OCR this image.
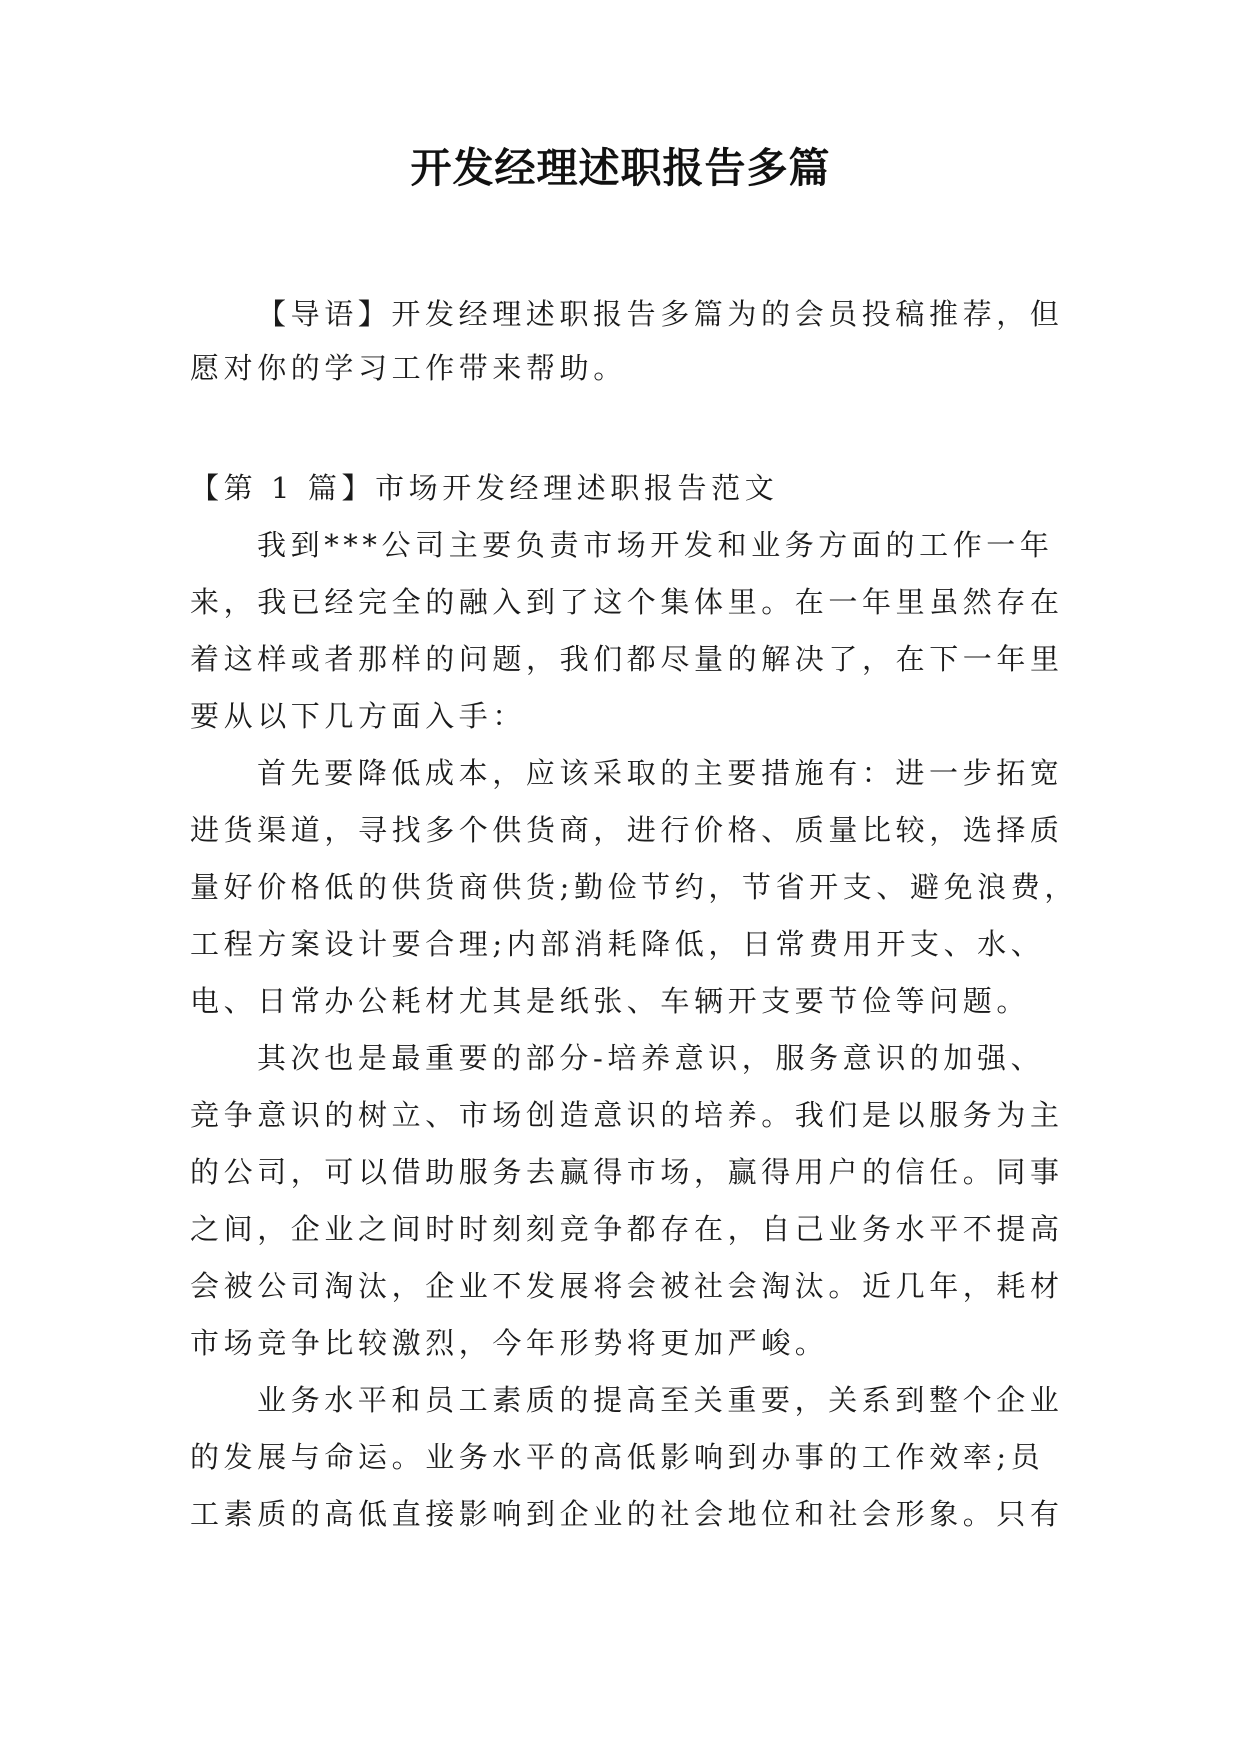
开发经理述职报告多篇
【导语】开发经理述职报告多篇为的会员投稿推荐，但
愿对你的学习工作带来帮助。
【第 1 篇】市场开发经理述职报告范文
我到***公司主要负责市场开发和业务方面的工作一年
来，我已经完全的融入到了这个集体里。在一年里虽然存在
着这样或者那样的问题，我们都尽量的解决了，在下一年里
要从以下几方面入手：
首先要降低成本，应该采取的主要措施有：进一步拓宽
进货渠道，寻找多个供货商，进行价格、质量比较，选择质
量好价格低的供货商供货;勤俭节约，节省开支、避免浪费，
工程方案设计要合理;内部消耗降低，日常费用开支、水、
电、日常办公耗材尤其是纸张、车辆开支要节俭等问题。
其次也是最重要的部分-培养意识，服务意识的加强、
竞争意识的树立、市场创造意识的培养。我们是以服务为主
的公司，可以借助服务去赢得市场，赢得用户的信任。同事
之间，企业之间时时刻刻竞争都存在，自己业务水平不提高
会被公司淘汰，企业不发展将会被社会淘汰。近几年，耗材
市场竞争比较激烈，今年形势将更加严峻。
业务水平和员工素质的提高至关重要，关系到整个企业
的发展与命运。业务水平的高低影响到办事的工作效率;员
工素质的高低直接影响到企业的社会地位和社会形象。只有
